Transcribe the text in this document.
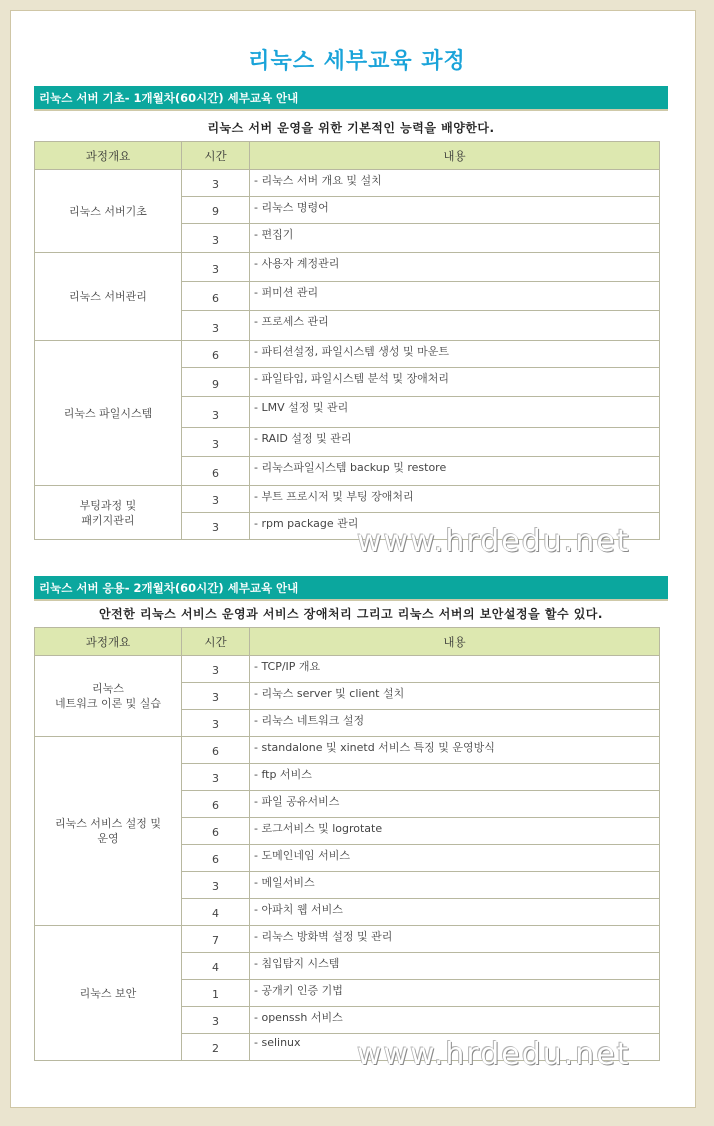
리눅스 세부교육 과정
리눅스 서버 기초- 1개월차(60시간) 세부교육 안내
리눅스 서버 운영을 위한 기본적인 능력을 배양한다.
과정개요	시간	내용
리눅스 서버기초	3	- 리눅스 서버 개요 및 설치
	9	- 리눅스 명령어
	3	- 편집기
리눅스 서버관리	3	- 사용자 계정관리
	6	- 퍼미션 관리
	3	- 프로세스 관리
리눅스 파일시스템	6	- 파티션설정, 파일시스템 생성 및 마운트
	9	- 파일타입, 파일시스템 분석 및 장애처리
	3	- LMV 설정 및 관리
	3	- RAID 설정 및 관리
	6	- 리눅스파일시스템 backup 및 restore
부팅과정 및
패키지관리	3	- 부트 프로시저 및 부팅 장애처리
	3	- rpm package 관리
www.hrdedu.net
리눅스 서버 응용- 2개월차(60시간) 세부교육 안내
안전한 리눅스 서비스 운영과 서비스 장애처리 그리고 리눅스 서버의 보안설정을 할수 있다.
과정개요	시간	내용
리눅스
네트워크 이론 및 실습	3	- TCP/IP 개요
	3	- 리눅스 server 및 client 설치
	3	- 리눅스 네트워크 설정
리눅스 서비스 설정 및
운영	6	- standalone 및 xinetd 서비스 특징 및 운영방식
	3	- ftp 서비스
	6	- 파일 공유서비스
	6	- 로그서비스 및 logrotate
	6	- 도메인네임 서비스
	3	- 메일서비스
	4	- 아파치 웹 서비스
리눅스 보안	7	- 리눅스 방화벽 설정 및 관리
	4	- 침입탐지 시스템
	1	- 공개키 인증 기법
	3	- openssh 서비스
	2	- selinux www.hrdedu.net
